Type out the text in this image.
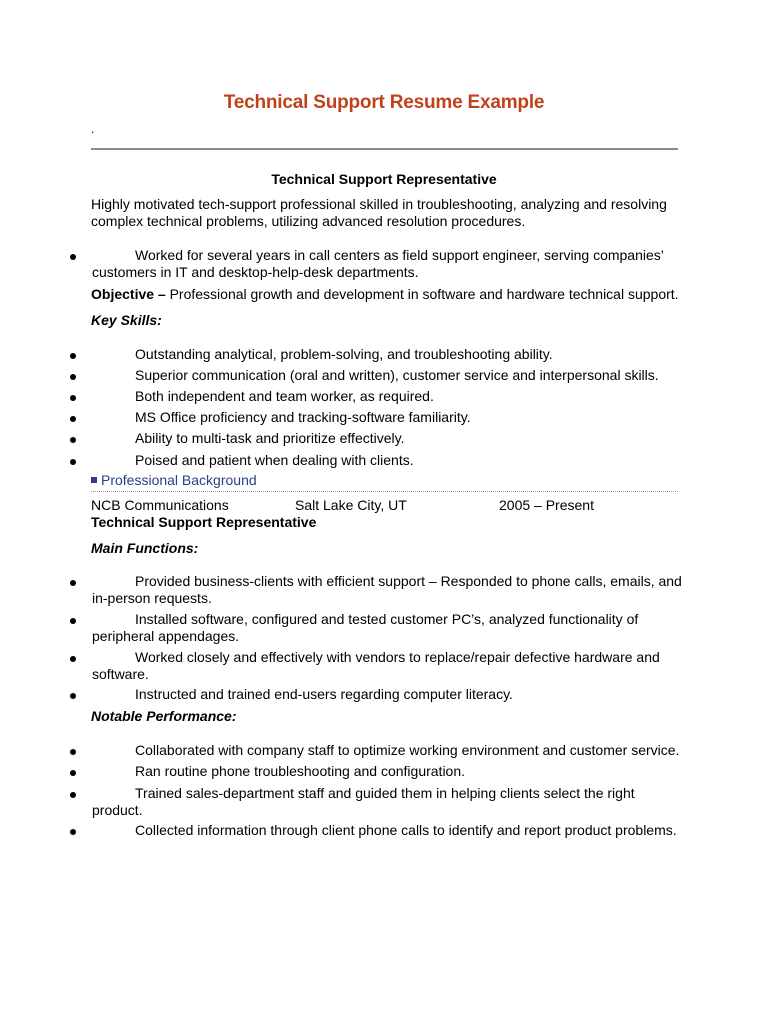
Technical Support Resume Example
.
Technical Support Representative
Highly motivated tech-support professional skilled in troubleshooting, analyzing and resolving complex technical problems, utilizing advanced resolution procedures.
Worked for several years in call centers as field support engineer, serving companies’ customers in IT and desktop-help-desk departments.
Objective – Professional growth and development in software and hardware technical support.
Key Skills:
Outstanding analytical, problem-solving, and troubleshooting ability.
Superior communication (oral and written), customer service and interpersonal skills.
Both independent and team worker, as required.
MS Office proficiency and tracking-software familiarity.
Ability to multi-task and prioritize effectively.
Poised and patient when dealing with clients.
Professional Background
NCB Communications	Salt Lake City, UT	2005 – Present
Technical Support Representative
Main Functions:
Provided business-clients with efficient support – Responded to phone calls, emails, and in-person requests.
Installed software, configured and tested customer PC’s, analyzed functionality of peripheral appendages.
Worked closely and effectively with vendors to replace/repair defective hardware and software.
Instructed and trained end-users regarding computer literacy.
Notable Performance:
Collaborated with company staff to optimize working environment and customer service.
Ran routine phone troubleshooting and configuration.
Trained sales-department staff and guided them in helping clients select the right product.
Collected information through client phone calls to identify and report product problems.
